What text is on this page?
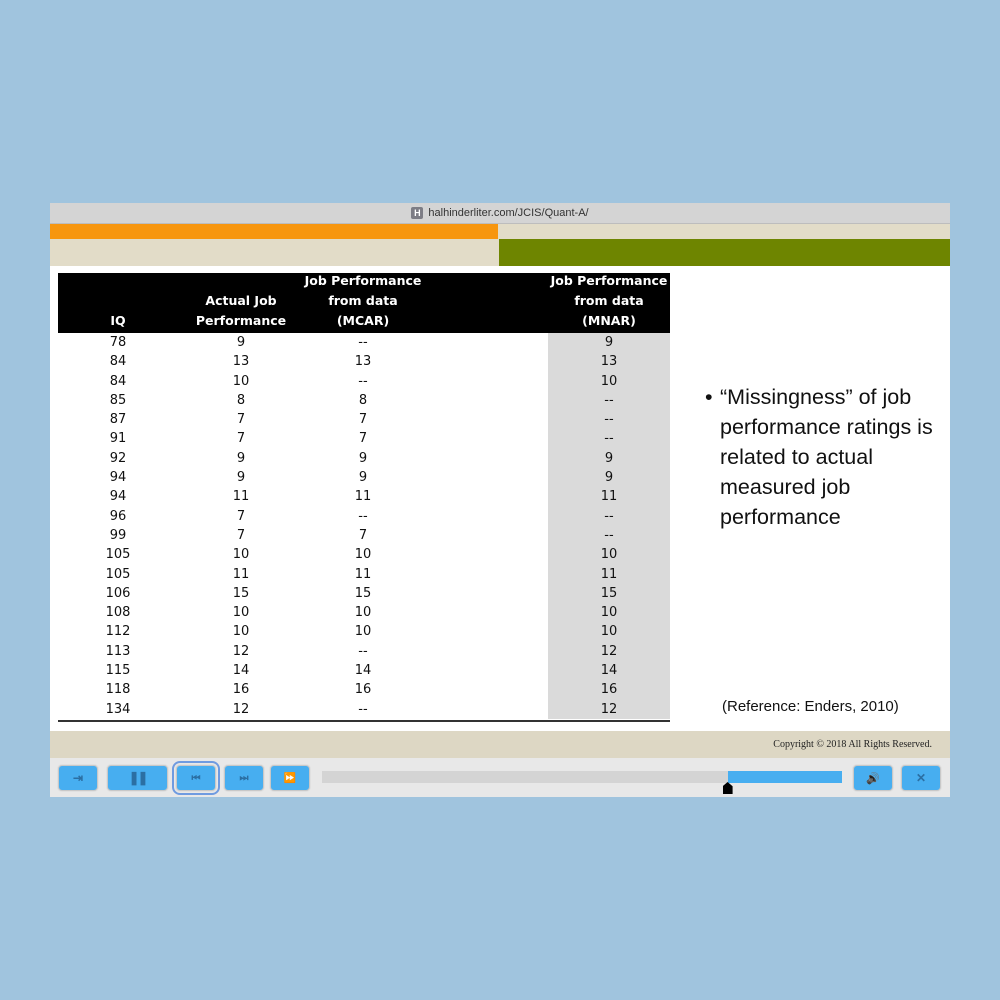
H halhinderliter.com/JCIS/Quant-A/
IQ
Actual Job
Performance
Job Performance
from data
(MCAR)
Job Performance
from data
(MNAR)
78	9	--	9
84	13	13	13
84	10	--	10
85	8	8	--
87	7	7	--
91	7	7	--
92	9	9	9
94	9	9	9
94	11	11	11
96	7	--	--
99	7	7	--
105	10	10	10
105	11	11	11
106	15	15	15
108	10	10	10
112	10	10	10
113	12	--	12
115	14	14	14
118	16	16	16
134	12	--	12
• “Missingness” of job performance ratings is related to actual measured job performance
(Reference: Enders, 2010)
Copyright © 2018 All Rights Reserved.
⇥	❚❚	⏮	⏭	⏩	🔊	✕
